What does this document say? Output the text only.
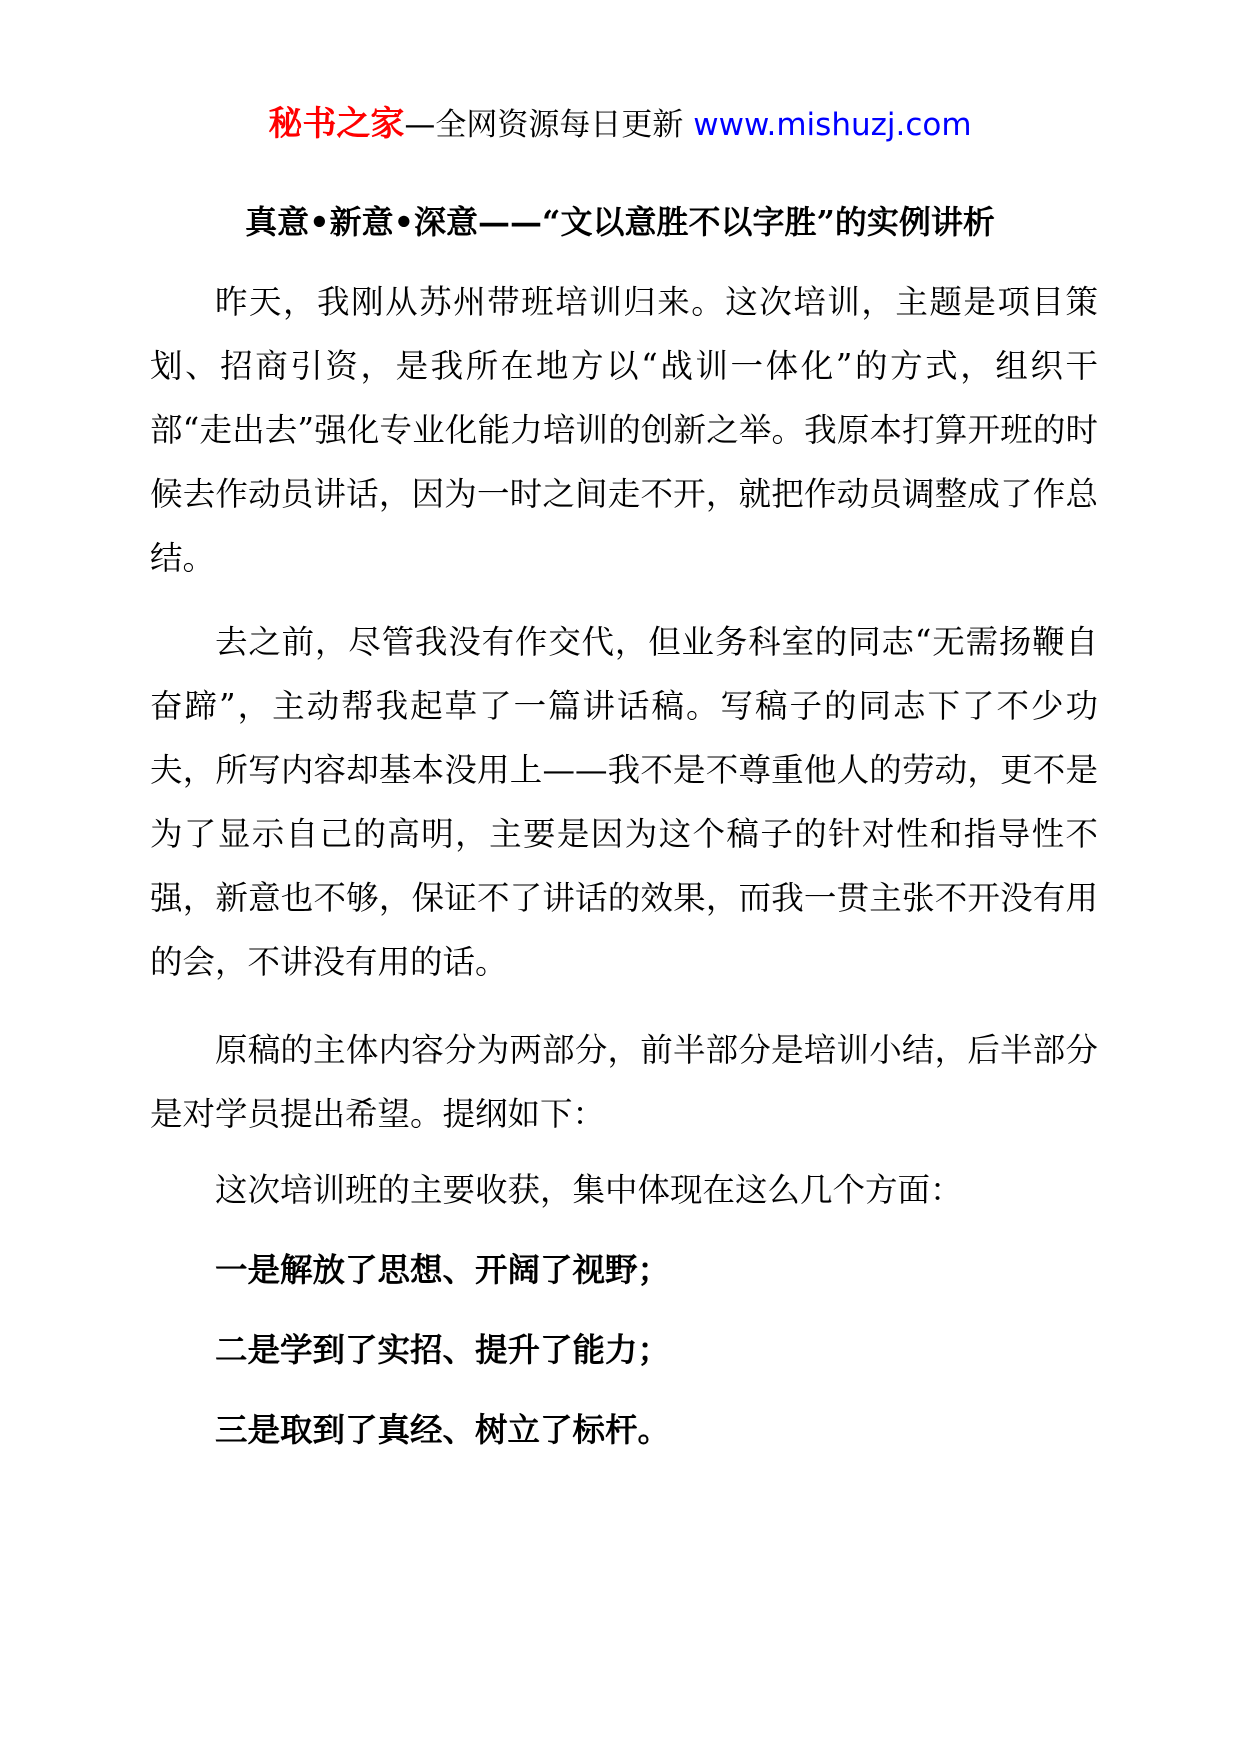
秘书之家—全网资源每日更新 www.mishuzj.com
真意•新意•深意——“文以意胜不以字胜”的实例讲析

昨天，我刚从苏州带班培训归来。这次培训，主题是项目策划、招商引资，是我所在地方以“战训一体化”的方式，组织干部“走出去”强化专业化能力培训的创新之举。我原本打算开班的时候去作动员讲话，因为一时之间走不开，就把作动员调整成了作总结。

去之前，尽管我没有作交代，但业务科室的同志“无需扬鞭自奋蹄”，主动帮我起草了一篇讲话稿。写稿子的同志下了不少功夫，所写内容却基本没用上——我不是不尊重他人的劳动，更不是为了显示自己的高明，主要是因为这个稿子的针对性和指导性不强，新意也不够，保证不了讲话的效果，而我一贯主张不开没有用的会，不讲没有用的话。

原稿的主体内容分为两部分，前半部分是培训小结，后半部分是对学员提出希望。提纲如下：

这次培训班的主要收获，集中体现在这么几个方面：

一是解放了思想、开阔了视野；

二是学到了实招、提升了能力；

三是取到了真经、树立了标杆。
